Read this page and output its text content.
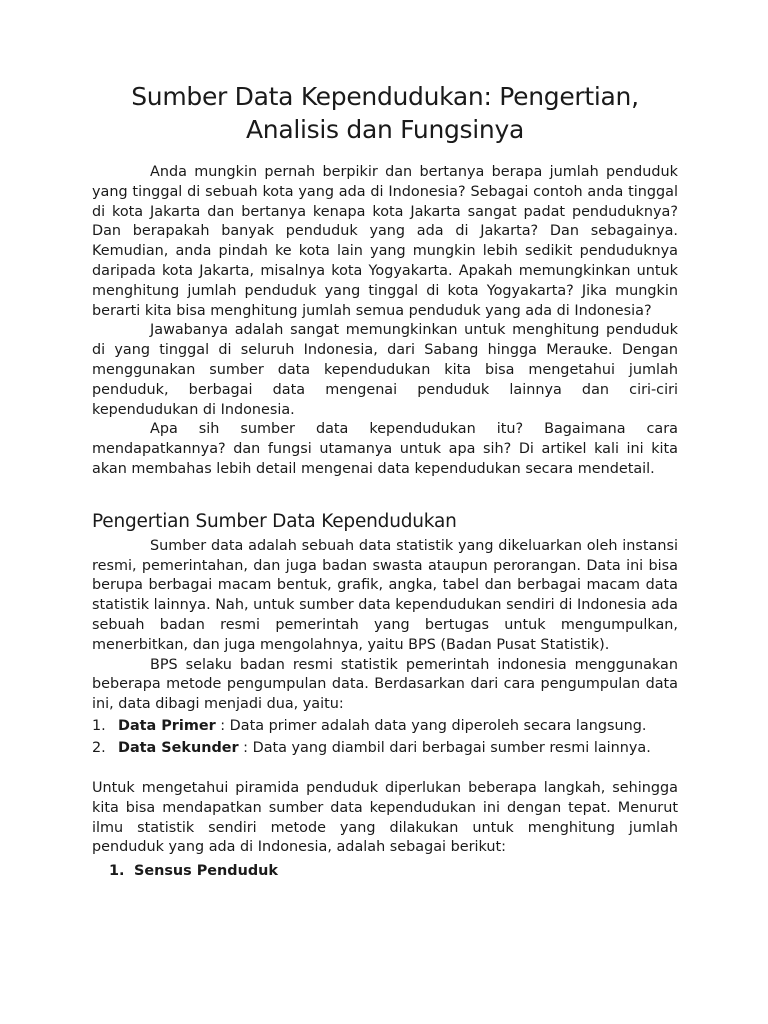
Sumber Data Kependudukan: Pengertian,
Analisis dan Fungsinya

Anda mungkin pernah berpikir dan bertanya berapa jumlah penduduk yang tinggal di sebuah kota yang ada di Indonesia? Sebagai contoh anda tinggal di kota Jakarta dan bertanya kenapa kota Jakarta sangat padat penduduknya? Dan berapakah banyak penduduk yang ada di Jakarta? Dan sebagainya. Kemudian, anda pindah ke kota lain yang mungkin lebih sedikit penduduknya daripada kota Jakarta, misalnya kota Yogyakarta. Apakah memungkinkan untuk menghitung jumlah penduduk yang tinggal di kota Yogyakarta? Jika mungkin berarti kita bisa menghitung jumlah semua penduduk yang ada di Indonesia?

Jawabanya adalah sangat memungkinkan untuk menghitung penduduk di yang tinggal di seluruh Indonesia, dari Sabang hingga Merauke. Dengan menggunakan sumber data kependudukan kita bisa mengetahui jumlah penduduk, berbagai data mengenai penduduk lainnya dan ciri-ciri kependudukan di Indonesia.

Apa sih sumber data kependudukan itu? Bagaimana cara mendapatkannya? dan fungsi utamanya untuk apa sih? Di artikel kali ini kita akan membahas lebih detail mengenai data kependudukan secara mendetail.

Pengertian Sumber Data Kependudukan

Sumber data adalah sebuah data statistik yang dikeluarkan oleh instansi resmi, pemerintahan, dan juga badan swasta ataupun perorangan. Data ini bisa berupa berbagai macam bentuk, grafik, angka, tabel dan berbagai macam data statistik lainnya. Nah, untuk sumber data kependudukan sendiri di Indonesia ada sebuah badan resmi pemerintah yang bertugas untuk mengumpulkan, menerbitkan, dan juga mengolahnya, yaitu BPS (Badan Pusat Statistik).

BPS selaku badan resmi statistik pemerintah indonesia menggunakan beberapa metode pengumpulan data. Berdasarkan dari cara pengumpulan data ini, data dibagi menjadi dua, yaitu:

1. Data Primer : Data primer adalah data yang diperoleh secara langsung.
2. Data Sekunder : Data yang diambil dari berbagai sumber resmi lainnya.

Untuk mengetahui piramida penduduk diperlukan beberapa langkah, sehingga kita bisa mendapatkan sumber data kependudukan ini dengan tepat. Menurut ilmu statistik sendiri metode yang dilakukan untuk menghitung jumlah penduduk yang ada di Indonesia, adalah sebagai berikut:

1. Sensus Penduduk
